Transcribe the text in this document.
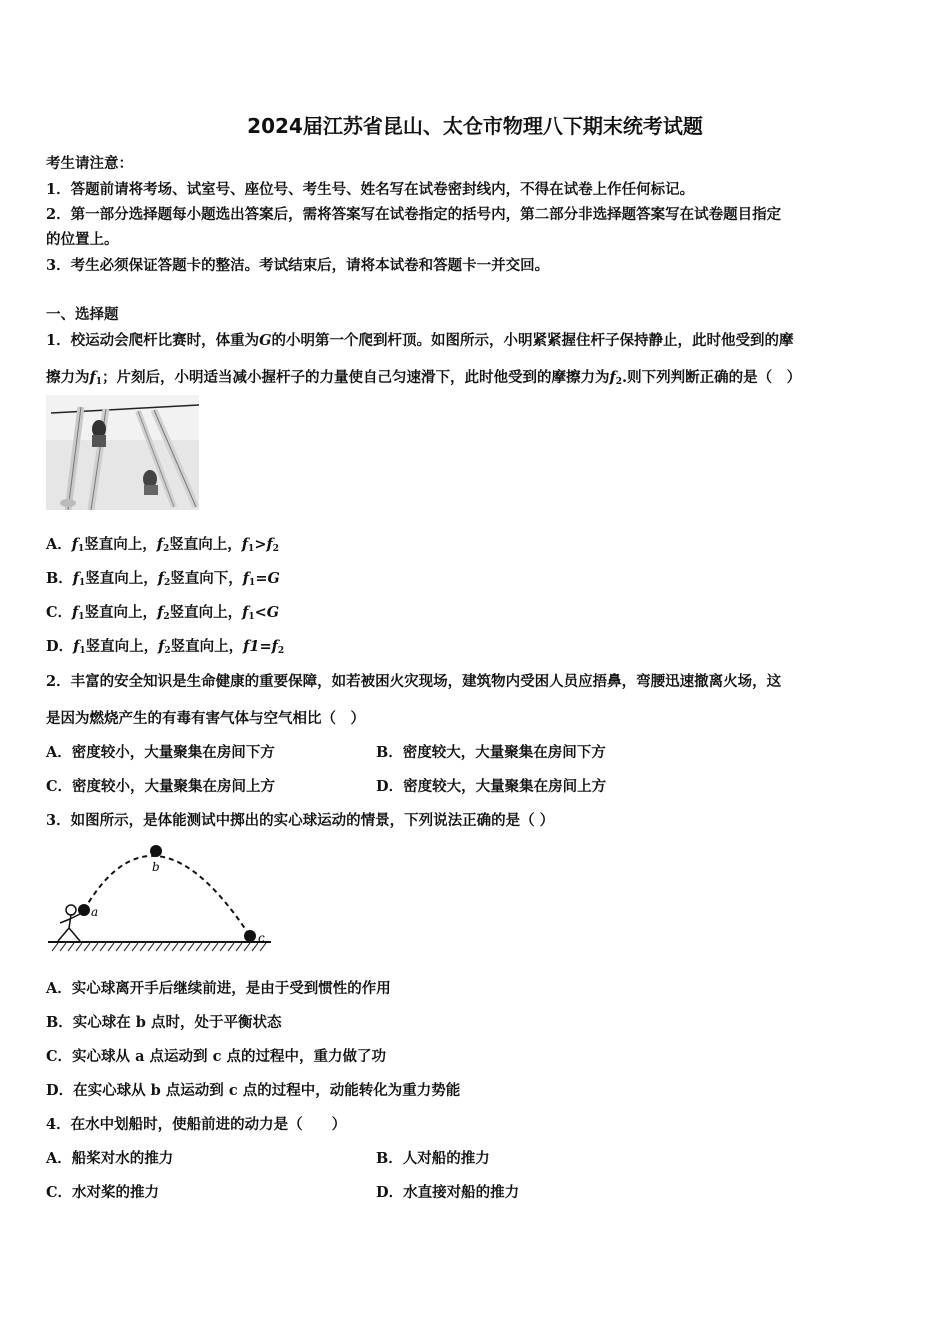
2024届江苏省昆山、太仓市物理八下期末统考试题
考生请注意：
1．答题前请将考场、试室号、座位号、考生号、姓名写在试卷密封线内，不得在试卷上作任何标记。
2．第一部分选择题每小题选出答案后，需将答案写在试卷指定的括号内，第二部分非选择题答案写在试卷题目指定
的位置上。
3．考生必须保证答题卡的整洁。考试结束后，请将本试卷和答题卡一并交回。
一、选择题
1．校运动会爬杆比赛时，体重为G的小明第一个爬到杆顶。如图所示，小明紧紧握住杆子保持静止，此时他受到的摩
擦力为$f_1$；片刻后，小明适当减小握杆子的力量使自己匀速滑下，此时他受到的摩擦力为$f_2$.则下列判断正确的是（　）
A．$f_1$竖直向上，$f_2$竖直向上，$f_1>f_2$
B．$f_1$竖直向上，$f_2$竖直向下，$f_1=G$
C．$f_1$竖直向上，$f_2$竖直向上，$f_1<G$
D．$f_1$竖直向上，$f_2$竖直向上，$f1=f_2$
2．丰富的安全知识是生命健康的重要保障，如若被困火灾现场，建筑物内受困人员应捂鼻，弯腰迅速撤离火场，这
是因为燃烧产生的有毒有害气体与空气相比（　）
A．密度较小，大量聚集在房间下方	B．密度较大，大量聚集在房间下方
C．密度较小，大量聚集在房间上方	D．密度较大，大量聚集在房间上方
3．如图所示，是体能测试中掷出的实心球运动的情景，下列说法正确的是（ ）
a
b
c
A．实心球离开手后继续前进，是由于受到惯性的作用
B．实心球在 b 点时，处于平衡状态
C．实心球从 a 点运动到 c 点的过程中，重力做了功
D．在实心球从 b 点运动到 c 点的过程中，动能转化为重力势能
4．在水中划船时，使船前进的动力是（　　）
A．船桨对水的推力	B．人对船的推力
C．水对桨的推力	D．水直接对船的推力
